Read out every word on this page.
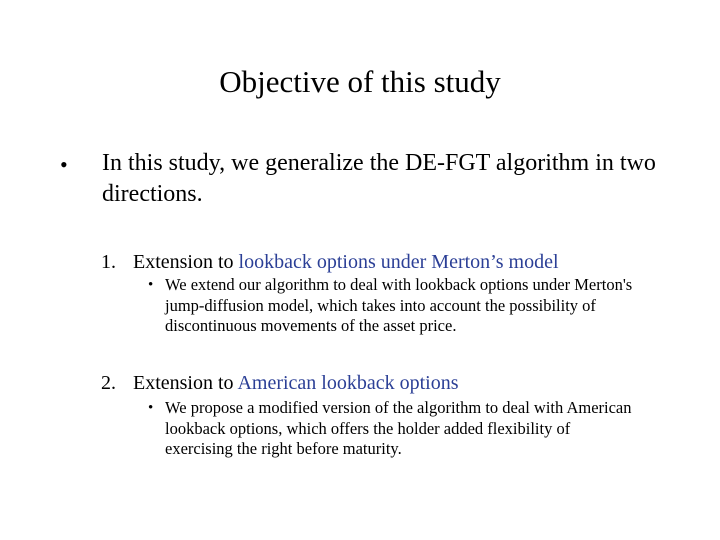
Objective of this study
• In this study, we generalize the DE-FGT algorithm in two directions.
1. Extension to lookback options under Merton’s model
• We extend our algorithm to deal with lookback options under Merton's jump-diffusion model, which takes into account the possibility of discontinuous movements of the asset price.
2. Extension to American lookback options
• We propose a modified version of the algorithm to deal with American lookback options, which offers the holder added flexibility of exercising the right before maturity.
